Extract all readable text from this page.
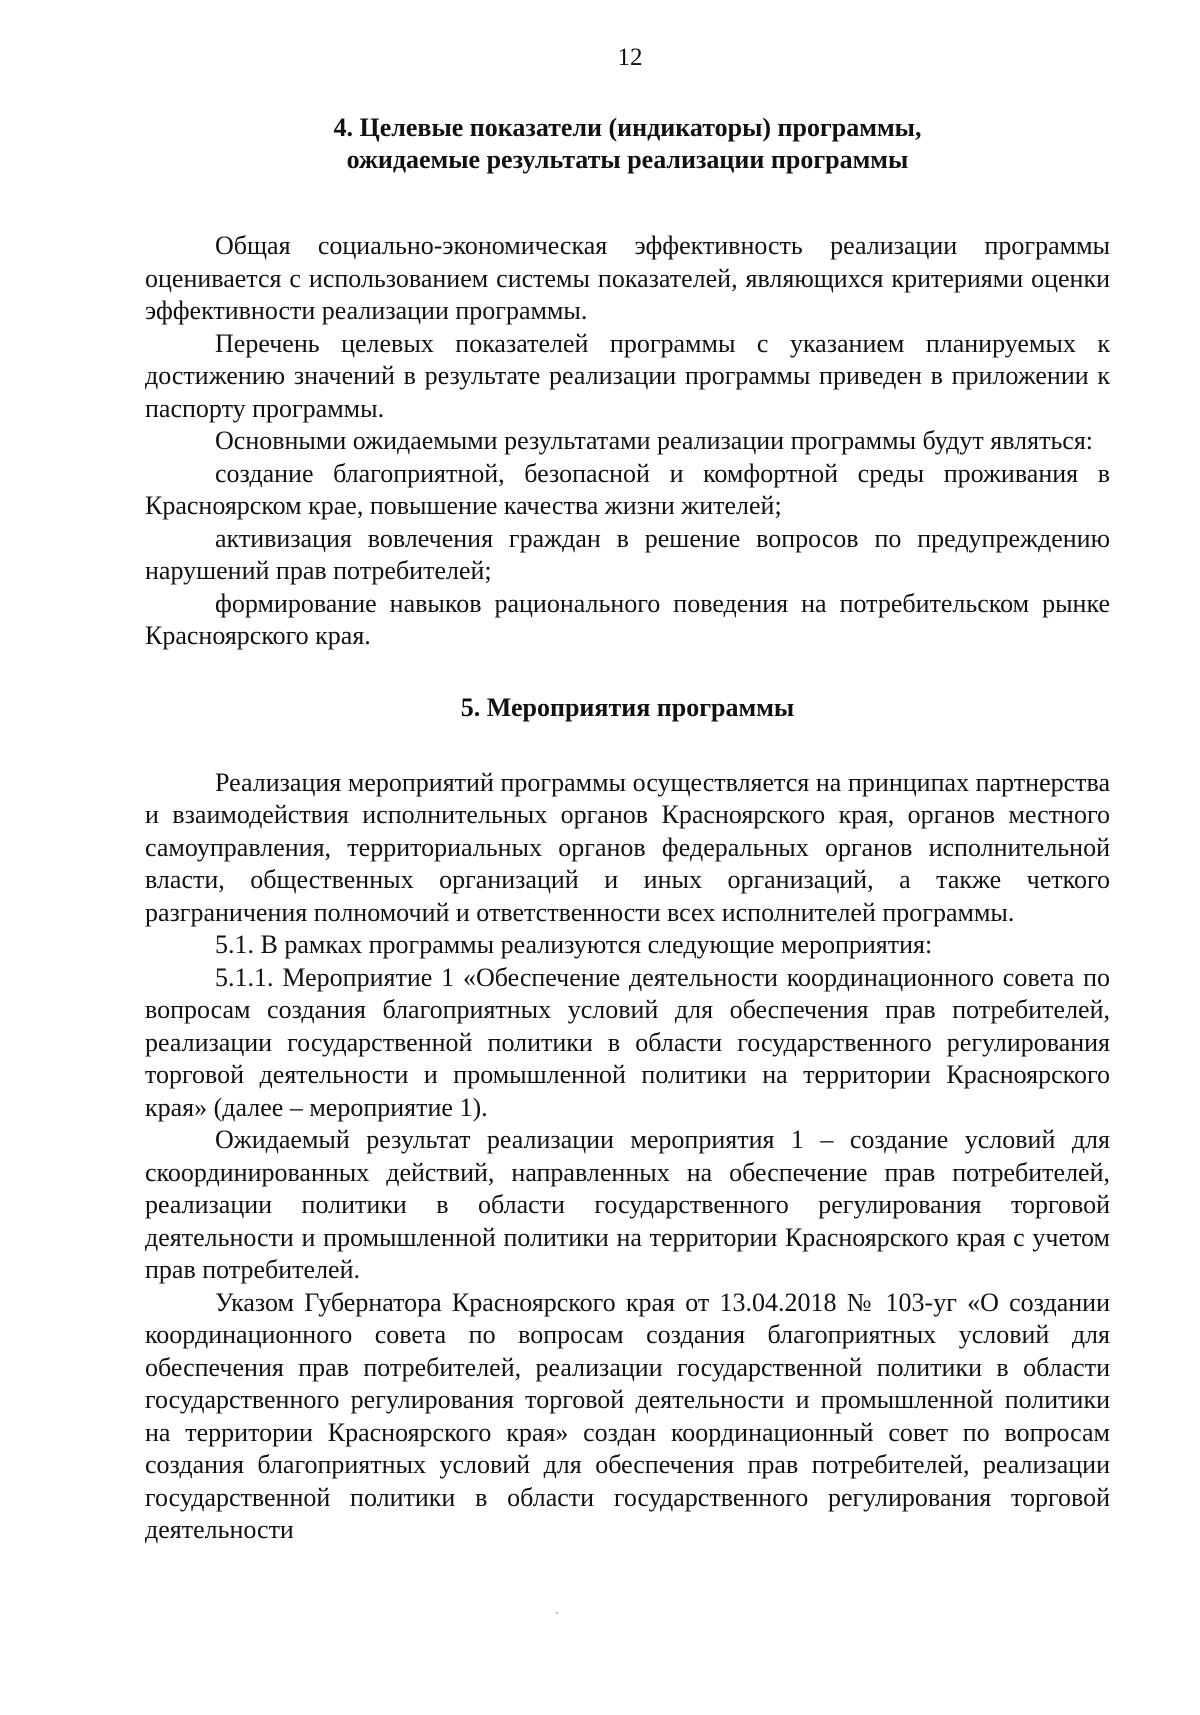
12
4. Целевые показатели (индикаторы) программы,
ожидаемые результаты реализации программы

Общая социально-экономическая эффективность реализации программы оценивается с использованием системы показателей, являющихся критериями оценки эффективности реализации программы.

Перечень целевых показателей программы с указанием планируемых к достижению значений в результате реализации программы приведен в приложении к паспорту программы.

Основными ожидаемыми результатами реализации программы будут являться:

создание благоприятной, безопасной и комфортной среды проживания в Красноярском крае, повышение качества жизни жителей;

активизация вовлечения граждан в решение вопросов по предупреждению нарушений прав потребителей;

формирование навыков рационального поведения на потребительском рынке Красноярского края.

5. Мероприятия программы

Реализация мероприятий программы осуществляется на принципах партнерства и взаимодействия исполнительных органов Красноярского края, органов местного самоуправления, территориальных органов федеральных органов исполнительной власти, общественных организаций и иных организаций, а также четкого разграничения полномочий и ответственности всех исполнителей программы.

5.1. В рамках программы реализуются следующие мероприятия:

5.1.1. Мероприятие 1 «Обеспечение деятельности координационного совета по вопросам создания благоприятных условий для обеспечения прав потребителей, реализации государственной политики в области государственного регулирования торговой деятельности и промышленной политики на территории Красноярского края» (далее – мероприятие 1).

Ожидаемый результат реализации мероприятия 1 – создание условий для скоординированных действий, направленных на обеспечение прав потребителей, реализации политики в области государственного регулирования торговой деятельности и промышленной политики на территории Красноярского края с учетом прав потребителей.

Указом Губернатора Красноярского края от 13.04.2018 № 103-уг «О создании координационного совета по вопросам создания благоприятных условий для обеспечения прав потребителей, реализации государственной политики в области государственного регулирования торговой деятельности и промышленной политики на территории Красноярского края» создан координационный совет по вопросам создания благоприятных условий для обеспечения прав потребителей, реализации государственной политики в области государственного регулирования торговой деятельности
